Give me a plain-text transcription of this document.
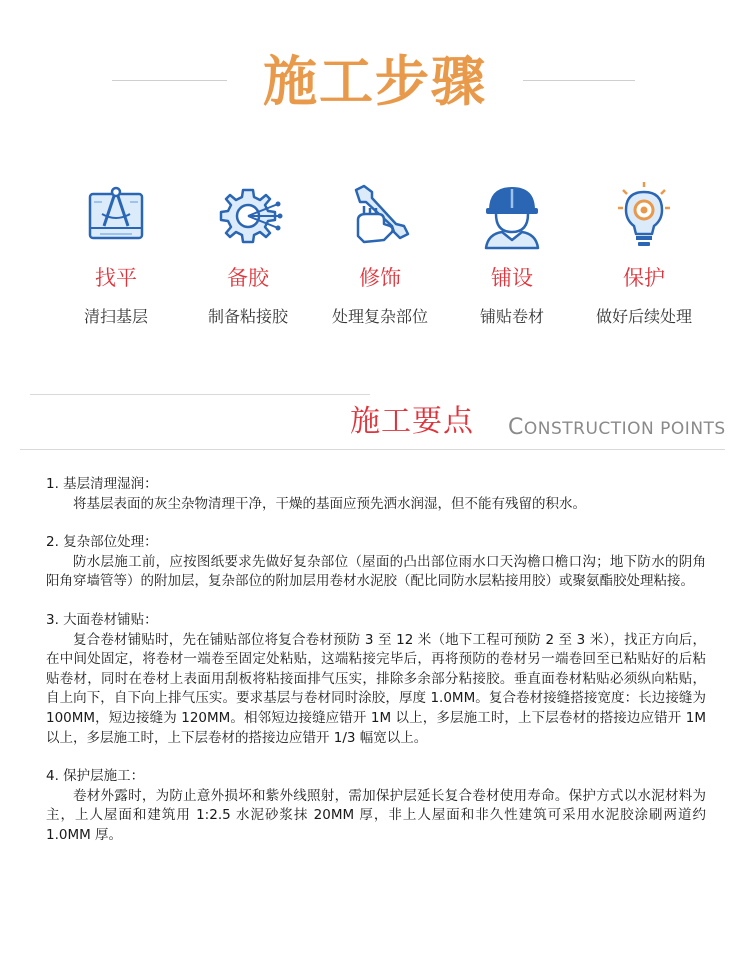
施工步骤
找平
清扫基层
备胶
制备粘接胶
修饰
处理复杂部位
铺设
铺贴卷材
保护
做好后续处理
施工要点 CONSTRUCTION POINTS
1. 基层清理湿润：
将基层表面的灰尘杂物清理干净，干燥的基面应预先洒水润湿，但不能有残留的积水。
2. 复杂部位处理：
防水层施工前，应按图纸要求先做好复杂部位（屋面的凸出部位雨水口天沟檐口檐口沟；地下防水的阴角阳角穿墙管等）的附加层，复杂部位的附加层用卷材水泥胶（配比同防水层粘接用胶）或聚氨酯胶处理粘接。
3. 大面卷材铺贴：
复合卷材铺贴时，先在铺贴部位将复合卷材预防 3 至 12 米（地下工程可预防 2 至 3 米），找正方向后，在中间处固定，将卷材一端卷至固定处粘贴，这端粘接完毕后，再将预防的卷材另一端卷回至已粘贴好的后粘贴卷材，同时在卷材上表面用刮板将粘接面排气压实，排除多余部分粘接胶。垂直面卷材粘贴必须纵向粘贴，自上向下，自下向上排气压实。要求基层与卷材同时涂胶，厚度 1.0MM。复合卷材接缝搭接宽度：长边接缝为 100MM，短边接缝为 120MM。相邻短边接缝应错开 1M 以上，多层施工时，上下层卷材的搭接边应错开 1M 以上，多层施工时，上下层卷材的搭接边应错开 1/3 幅宽以上。
4. 保护层施工：
卷材外露时，为防止意外损坏和紫外线照射，需加保护层延长复合卷材使用寿命。保护方式以水泥材料为主，上人屋面和建筑用 1:2.5 水泥砂浆抹 20MM 厚，非上人屋面和非久性建筑可采用水泥胶涂刷两道约 1.0MM 厚。
